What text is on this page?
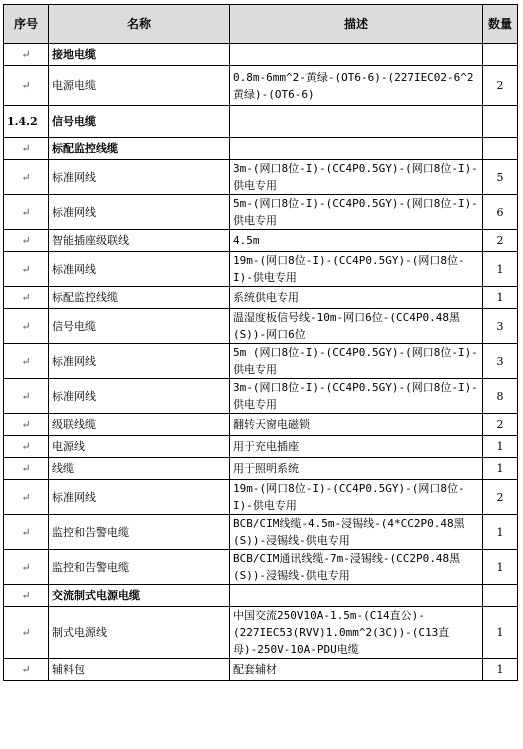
序号	名称	描述	数量
↵	接地电缆		
↵	电源电缆	0.8m-6mm^2-黄绿-(OT6-6)-(227IEC02-6^2黄绿)-(OT6-6)	2
1.4.2	信号电缆		
↵	标配监控线缆		
↵	标准网线	3m-(网口8位-I)-(CC4P0.5GY)-(网口8位-I)-供电专用	5
↵	标准网线	5m-(网口8位-I)-(CC4P0.5GY)-(网口8位-I)-供电专用	6
↵	智能插座级联线	4.5m	2
↵	标准网线	19m-(网口8位-I)-(CC4P0.5GY)-(网口8位-I)-供电专用	1
↵	标配监控线缆	系统供电专用	1
↵	信号电缆	温湿度板信号线-10m-网口6位-(CC4P0.48黑(S))-网口6位	3
↵	标准网线	5m (网口8位-I)-(CC4P0.5GY)-(网口8位-I)-供电专用	3
↵	标准网线	3m-(网口8位-I)-(CC4P0.5GY)-(网口8位-I)-供电专用	8
↵	级联线缆	翻转天窗电磁锁	2
↵	电源线	用于充电插座	1
↵	线缆	用于照明系统	1
↵	标准网线	19m-(网口8位-I)-(CC4P0.5GY)-(网口8位-I)-供电专用	2
↵	监控和告警电缆	BCB/CIM线缆-4.5m-浸锡线-(4*CC2P0.48黑(S))-浸锡线-供电专用	1
↵	监控和告警电缆	BCB/CIM通讯线缆-7m-浸锡线-(CC2P0.48黑(S))-浸锡线-供电专用	1
↵	交流制式电源电缆		
↵	制式电源线	中国交流250V10A-1.5m-(C14直公)-(227IEC53(RVV)1.0mm^2(3C))-(C13直母)-250V-10A-PDU电缆	1
↵	辅料包	配套辅材	1
